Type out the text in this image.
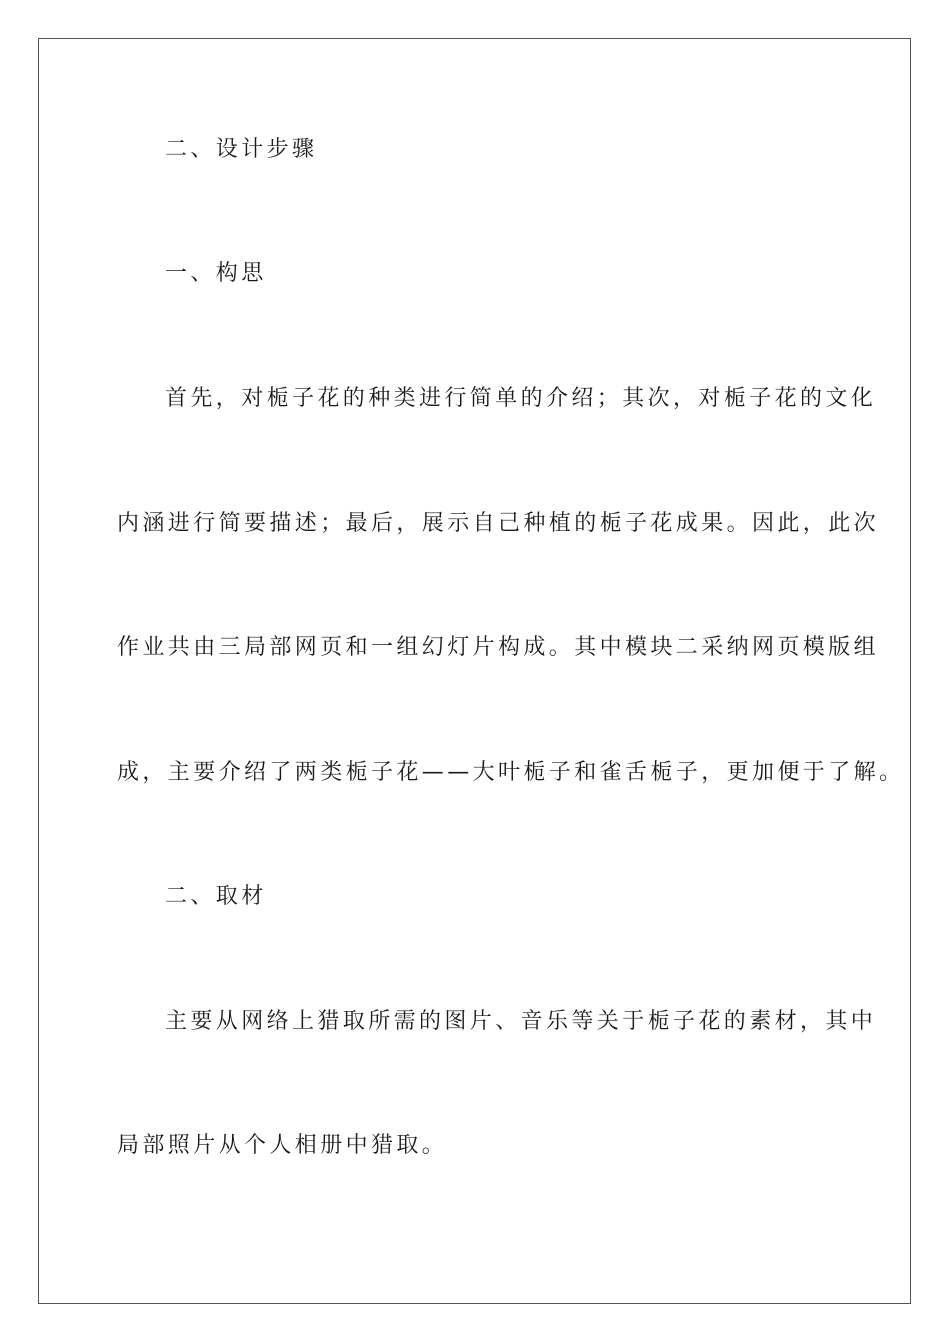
二、设计步骤
一、构思
首先，对栀子花的种类进行简单的介绍；其次，对栀子花的文化
内涵进行简要描述；最后，展示自己种植的栀子花成果。因此，此次
作业共由三局部网页和一组幻灯片构成。其中模块二采纳网页模版组
成，主要介绍了两类栀子花——大叶栀子和雀舌栀子，更加便于了解。
二、取材
主要从网络上猎取所需的图片、音乐等关于栀子花的素材，其中
局部照片从个人相册中猎取。
